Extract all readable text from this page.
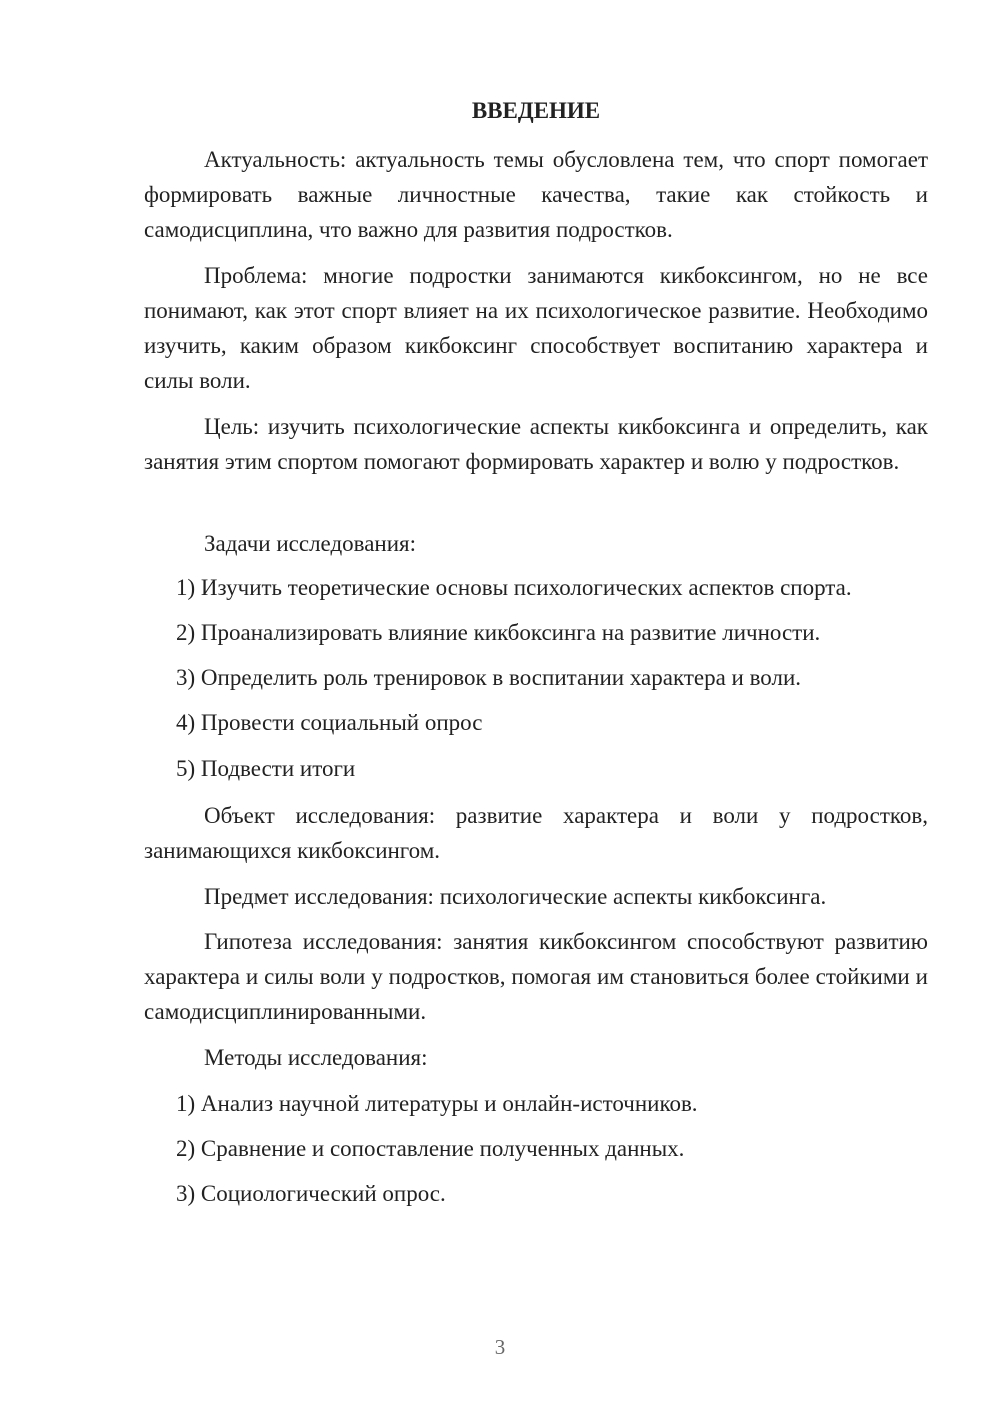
ВВЕДЕНИЕ

Актуальность: актуальность темы обусловлена тем, что спорт помогает формировать важные личностные качества, такие как стойкость и самодисциплина, что важно для развития подростков.

Проблема: многие подростки занимаются кикбоксингом, но не все понимают, как этот спорт влияет на их психологическое развитие. Необходимо изучить, каким образом кикбоксинг способствует воспитанию характера и силы воли.

Цель: изучить психологические аспекты кикбоксинга и определить, как занятия этим спортом помогают формировать характер и волю у подростков.

Задачи исследования:

1) Изучить теоретические основы психологических аспектов спорта.

2) Проанализировать влияние кикбоксинга на развитие личности.

3) Определить роль тренировок в воспитании характера и воли.

4) Провести социальный опрос

5) Подвести итоги

Объект исследования: развитие характера и воли у подростков, занимающихся кикбоксингом.

Предмет исследования: психологические аспекты кикбоксинга.

Гипотеза исследования: занятия кикбоксингом способствуют развитию характера и силы воли у подростков, помогая им становиться более стойкими и самодисциплинированными.

Методы исследования:

1) Анализ научной литературы и онлайн-источников.

2) Сравнение и сопоставление полученных данных.

3) Социологический опрос.

3
